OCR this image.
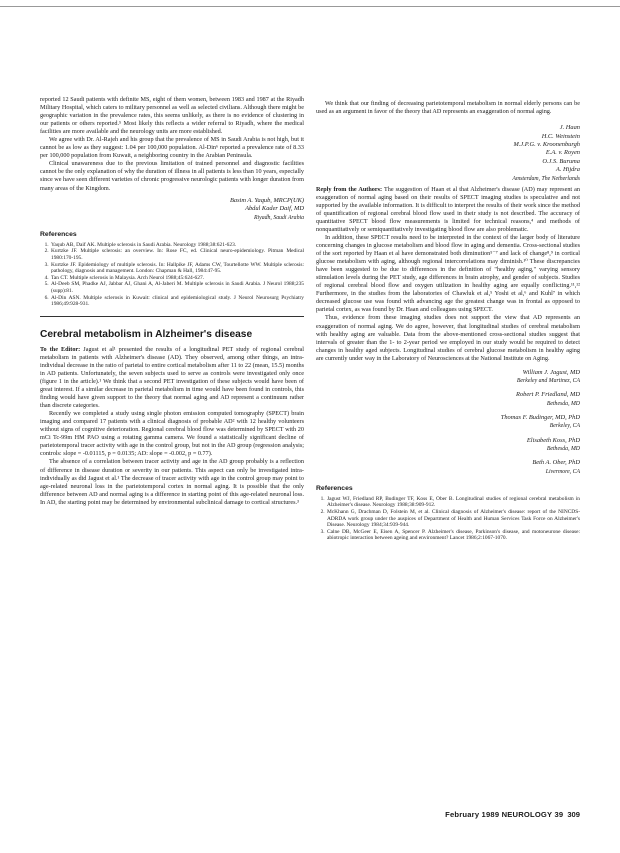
reported 12 Saudi patients with definite MS, eight of them women, between 1983 and 1987 at the Riyadh Military Hospital, which caters to military personnel as well as selected civilians. Although there might be geographic variation in the prevalence rates, this seems unlikely, as there is no evidence of clustering in our patients or others reported.⁵ Most likely this reflects a wider referral to Riyadh, where the medical facilities are more available and the neurology units are more established.

We agree with Dr. Al-Rajeh and his group that the prevalence of MS in Saudi Arabia is not high, but it cannot be as low as they suggest: 1.04 per 100,000 population. Al-Din⁶ reported a prevalence rate of 8.33 per 100,000 population from Kuwait, a neighboring country in the Arabian Peninsula.

Clinical unawareness due to the previous limitation of trained personnel and diagnostic facilities cannot be the only explanation of why the duration of illness in all patients is less than 10 years, especially since we have seen different varieties of chronic progressive neurologic patients with longer duration from many areas of the Kingdom.

Basim A. Yaqub, MRCP(UK)
Abdul Kader Daif, MD
Riyadh, Saudi Arabia
References
1. Yaqub AB, Daif AK. Multiple sclerosis in Saudi Arabia. Neurology 1988;38:621-623.
2. Kurtzke JF. Multiple sclerosis: an overview. In: Rose FC, ed. Clinical neuro-epidemiology. Pitman Medical 1980:170-195.
3. Kurtzke JF. Epidemiology of multiple sclerosis. In: Hallpike JF, Adams CW, Tourtellotte WW. Multiple sclerosis: pathology, diagnosis and management. London: Chapman & Hall, 1984:47-95.
4. Tan CT. Multiple sclerosis in Malaysia. Arch Neurol 1988;45:624-627.
5. Al-Deeb SM, Phadke AJ, Jabbar AJ, Ghani A, Al-Jaberi M. Multiple sclerosis in Saudi Arabia. J Neurol 1988;235 (supp):81.
6. Al-Din ASN. Multiple sclerosis in Kuwait: clinical and epidemiological study. J Neurol Neurosurg Psychiatry 1986;49:928-931.
Cerebral metabolism in Alzheimer's disease

To the Editor: Jagust et al¹ presented the results of a longitudinal PET study of regional cerebral metabolism in patients with Alzheimer's disease (AD). They observed, among other things, an intra-individual decrease in the ratio of parietal to entire cortical metabolism after 11 to 22 (mean, 15.5) months in AD patients. Unfortunately, the seven subjects used to serve as controls were investigated only once (figure 1 in the article).¹ We think that a second PET investigation of these subjects would have been of great interest. If a similar decrease in parietal metabolism in time would have been found in controls, this finding would have given support to the theory that normal aging and AD represent a continuum rather than discrete categories.

Recently we completed a study using single photon emission computed tomography (SPECT) brain imaging and compared 17 patients with a clinical diagnosis of probable AD² with 12 healthy volunteers without signs of cognitive deterioration. Regional cerebral blood flow was determined by SPECT with 20 mCi Tc-99m HM PAO using a rotating gamma camera. We found a statistically significant decline of parietotemporal tracer activity with age in the control group, but not in the AD group (regression analysis; controls: slope = -0.01115, p = 0.0135; AD: slope = -0.002, p = 0.77).

The absence of a correlation between tracer activity and age in the AD group probably is a reflection of difference in disease duration or severity in our patients. This aspect can only be investigated intra-individually as did Jagust et al.¹ The decrease of tracer activity with age in the control group may point to age-related neuronal loss in the parietotemporal cortex in normal aging. It is possible that the only difference between AD and normal aging is a difference in starting point of this age-related neuronal loss. In AD, the starting point may be determined by environmental subclinical damage to cortical structures.³

We think that our finding of decreasing parietotemporal metabolism in normal elderly persons can be used as an argument in favor of the theory that AD represents an exaggeration of normal aging.

J. Haan
H.C. Weinstein
M.J.P.G. v. Kroonenburgh
E.A. v. Royen
O.J.S. Buruma
A. Hijdra
Amsterdam, The Netherlands

Reply from the Authors: The suggestion of Haan et al that Alzheimer's disease (AD) may represent an exaggeration of normal aging based on their results of SPECT imaging studies is speculative and not supported by the available information. It is difficult to interpret the results of their work since the method of quantification of regional cerebral blood flow used in their study is not described. The accuracy of quantitative SPECT blood flow measurements is limited for technical reasons,⁴ and methods of nonquantitatively or semiquantitatively investigating blood flow are also problematic.

In addition, these SPECT results need to be interpreted in the context of the larger body of literature concerning changes in glucose metabolism and blood flow in aging and dementia. Cross-sectional studies of the sort reported by Haan et al have demonstrated both diminution⁵⁻⁷ and lack of change⁸,⁹ in cortical glucose metabolism with aging, although regional intercorrelations may diminish.¹⁰ These discrepancies have been suggested to be due to differences in the definition of "healthy aging," varying sensory stimulation levels during the PET study, age differences in brain atrophy, and gender of subjects. Studies of regional cerebral blood flow and oxygen utilization in healthy aging are equally conflicting.¹¹,¹² Furthermore, in the studies from the laboratories of Chawluk et al,⁵ Yoshi et al,⁶ and Kuhl⁷ in which decreased glucose use was found with advancing age the greatest change was in frontal as opposed to parietal cortex, as was found by Dr. Haan and colleagues using SPECT.

Thus, evidence from these imaging studies does not support the view that AD represents an exaggeration of normal aging. We do agree, however, that longitudinal studies of cerebral metabolism with healthy aging are valuable. Data from the above-mentioned cross-sectional studies suggest that intervals of greater than the 1- to 2-year period we employed in our study would be required to detect changes in healthy aged subjects. Longitudinal studies of cerebral glucose metabolism in healthy aging are currently under way in the Laboratory of Neurosciences at the National Institute on Aging.

William J. Jagust, MD
Berkeley and Martinez, CA
Robert P. Friedland, MD
Bethesda, MD
Thomas F. Budinger, MD, PhD
Berkeley, CA
Elisabeth Koss, PhD
Bethesda, MD
Beth A. Ober, PhD
Livermore, CA
References
1. Jagust WJ, Friedland RP, Budinger TF, Koss E, Ober B. Longitudinal studies of regional cerebral metabolism in Alzheimer's disease. Neurology 1988;38:909-912.
2. McKhann G, Drachman D, Folstein M, et al. Clinical diagnosis of Alzheimer's disease: report of the NINCDS-ADRDA work group under the auspices of Department of Health and Human Services Task Force on Alzheimer's Disease. Neurology 1984;34:939-944.
3. Calne DB, McGeer E, Eisen A, Spencer P. Alzheimer's disease, Parkinson's disease, and motoneurone disease: abiotropic interaction between ageing and environment? Lancet 1986;2:1067-1070.
February 1989 NEUROLOGY 39 309
